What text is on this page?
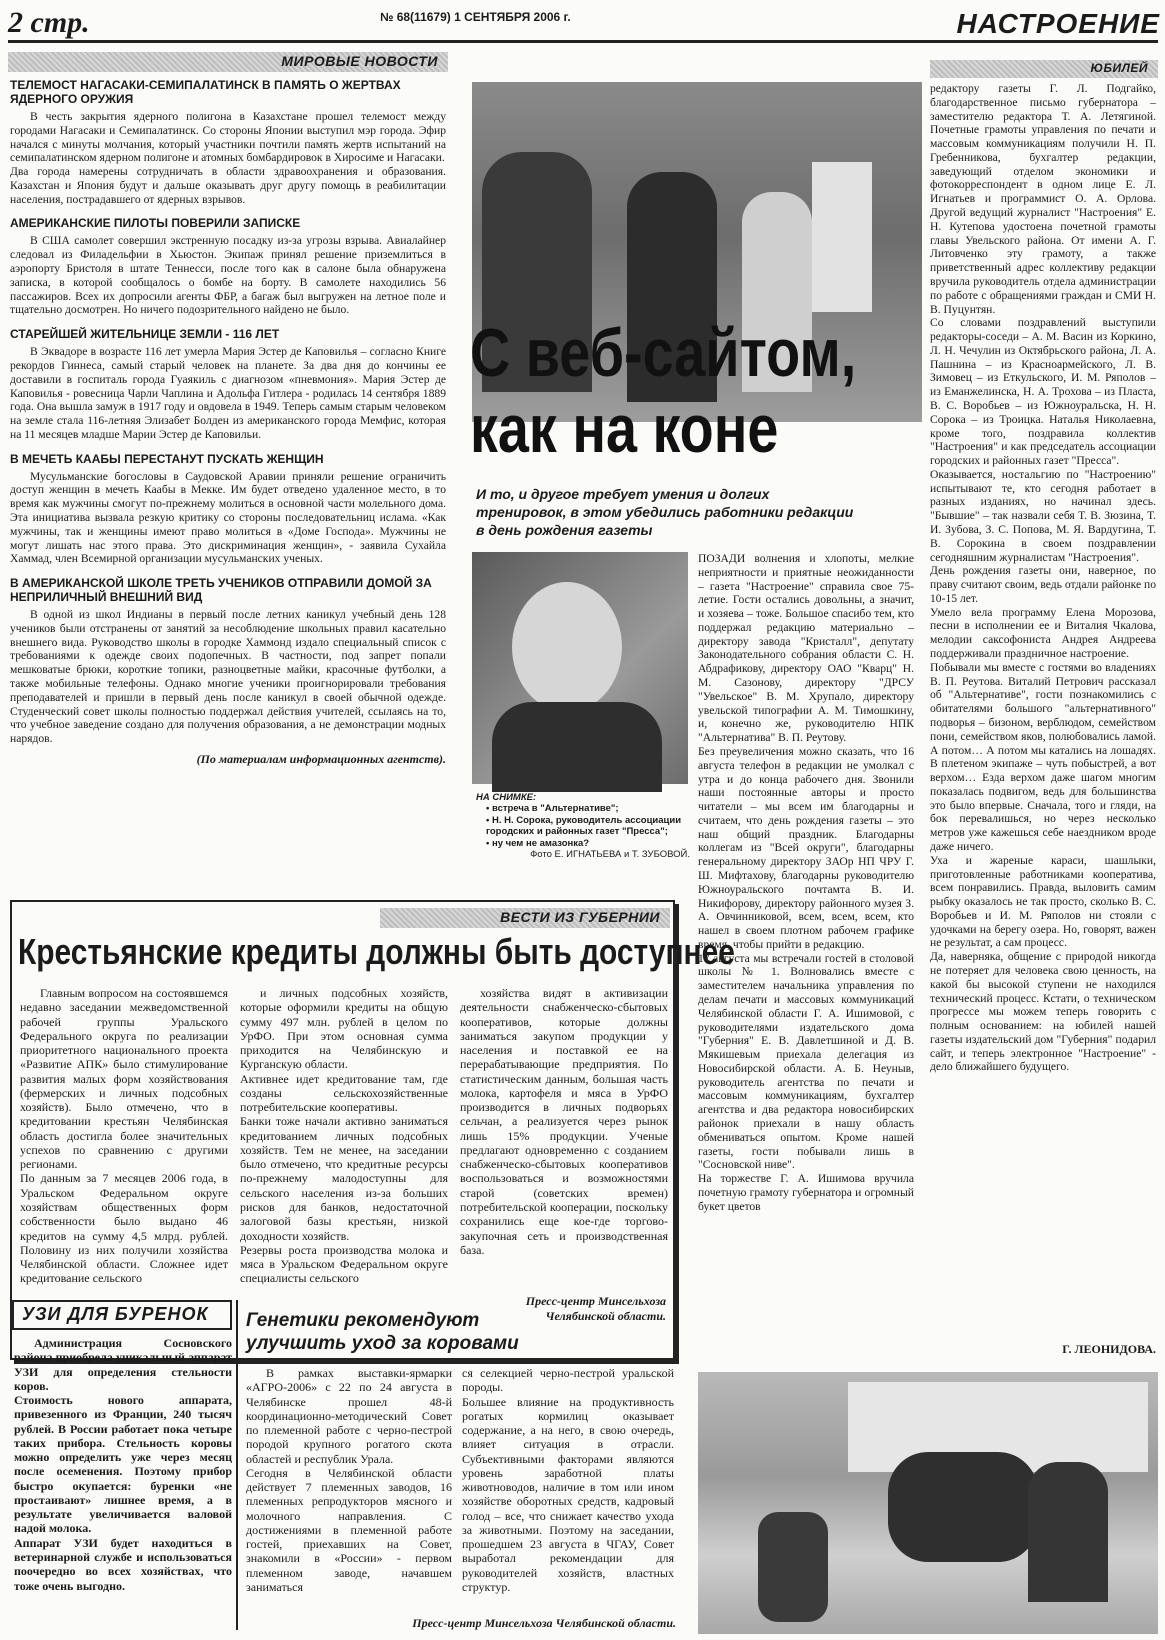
2 стр.	№ 68(11679) 1 СЕНТЯБРЯ 2006 г.	НАСТРОЕНИЕ
МИРОВЫЕ НОВОСТИ
ТЕЛЕМОСТ НАГАСАКИ-СЕМИПАЛАТИНСК В ПАМЯТЬ О ЖЕРТВАХ ЯДЕРНОГО ОРУЖИЯ

В честь закрытия ядерного полигона в Казахстане прошел телемост между городами Нагасаки и Семипалатинск. Со стороны Японии выступил мэр города. Эфир начался с минуты молчания, который участники почтили память жертв испытаний на семипалатинском ядерном полигоне и атомных бомбардировок в Хиросиме и Нагасаки.
Два города намерены сотрудничать в области здравоохранения и образования. Казахстан и Япония будут и дальше оказывать друг другу помощь в реабилитации населения, пострадавшего от ядерных взрывов.

АМЕРИКАНСКИЕ ПИЛОТЫ ПОВЕРИЛИ ЗАПИСКЕ

В США самолет совершил экстренную посадку из-за угрозы взрыва. Авиалайнер следовал из Филадельфии в Хьюстон. Экипаж принял решение приземлиться в аэропорту Бристоля в штате Теннесси, после того как в салоне была обнаружена записка, в которой сообщалось о бомбе на борту. В самолете находились 56 пассажиров. Всех их допросили агенты ФБР, а багаж был выгружен на летное поле и тщательно досмотрен. Но ничего подозрительного найдено не было.

СТАРЕЙШЕЙ ЖИТЕЛЬНИЦЕ ЗЕМЛИ - 116 ЛЕТ

В Эквадоре в возрасте 116 лет умерла Мария Эстер де Каповилья – согласно Книге рекордов Гиннеса, самый старый человек на планете. За два дня до кончины ее доставили в госпиталь города Гуаякиль с диагнозом «пневмония». Мария Эстер де Каповилья - ровесница Чарли Чаплина и Адольфа Гитлера - родилась 14 сентября 1889 года. Она вышла замуж в 1917 году и овдовела в 1949. Теперь самым старым человеком на земле стала 116-летняя Элизабет Болден из американского города Мемфис, которая на 11 месяцев младше Марии Эстер де Каповильи.

В МЕЧЕТЬ КААБЫ ПЕРЕСТАНУТ ПУСКАТЬ ЖЕНЩИН

Мусульманские богословы в Саудовской Аравии приняли решение ограничить доступ женщин в мечеть Каабы в Мекке. Им будет отведено удаленное место, в то время как мужчины смогут по-прежнему молиться в основной части молельного дома. Эта инициатива вызвала резкую критику со стороны последовательниц ислама. «Как мужчины, так и женщины имеют право молиться в «Доме Господа». Мужчины не могут лишать нас этого права. Это дискриминация женщин», - заявила Сухайла Хаммад, член Всемирной организации мусульманских ученых.

В АМЕРИКАНСКОЙ ШКОЛЕ ТРЕТЬ УЧЕНИКОВ ОТПРАВИЛИ ДОМОЙ ЗА НЕПРИЛИЧНЫЙ ВНЕШНИЙ ВИД

В одной из школ Индианы в первый после летних каникул учебный день 128 учеников были отстранены от занятий за несоблюдение школьных правил касательно внешнего вида. Руководство школы в городке Хаммонд издало специальный список с требованиями к одежде своих подопечных. В частности, под запрет попали мешковатые брюки, короткие топики, разноцветные майки, красочные футболки, а также мобильные телефоны. Однако многие ученики проигнорировали требования преподавателей и пришли в первый день после каникул в своей обычной одежде. Студенческий совет школы полностью поддержал действия учителей, ссылаясь на то, что учебное заведение создано для получения образования, а не демонстрации модных нарядов.

(По материалам информационных агентств).
ЮБИЛЕЙ
С веб-сайтом,
как на коне
И то, и другое требует умения и долгих тренировок, в этом убедились работники редакции в день рождения газеты
НА СНИМКЕ:
• встреча в "Альтернативе";
• Н. Н. Сорока, руководитель ассоциации городских и районных газет "Пресса";
• ну чем не амазонка?
Фото Е. ИГНАТЬЕВА и Т. ЗУБОВОЙ.

ПОЗАДИ волнения и хлопоты, мелкие неприятности и приятные неожиданности – газета "Настроение" справила свое 75-летие. Гости остались довольны, а значит, и хозяева – тоже. Большое спасибо тем, кто поддержал редакцию материально – директору завода "Кристалл", депутату Законодательного собрания области С. Н. Абдрафикову, директору ОАО "Кварц" Н. М. Сазонову, директору "ДРСУ "Увельское" В. М. Хрупало, директору увельской типографии А. М. Тимошкину, и, конечно же, руководителю НПК "Альтернатива" В. П. Реутову.
Без преувеличения можно сказать, что 16 августа телефон в редакции не умолкал с утра и до конца рабочего дня. Звонили наши постоянные авторы и просто читатели – мы всем им благодарны и считаем, что день рождения газеты – это наш общий праздник. Благодарны коллегам из "Всей округи", благодарны генеральному директору ЗАОр НП ЧРУ Г. Ш. Мифтахову, благодарны руководителю Южноуральского почтамта В. И. Никифорову, директору районного музея З. А. Овчинниковой, всем, всем, всем, кто нашел в своем плотном рабочем графике время, чтобы прийти в редакцию.
17 августа мы встречали гостей в столовой школы № 1. Волновались вместе с заместителем начальника управления по делам печати и массовых коммуникаций Челябинской области Г. А. Ишимовой, с руководителями издательского дома "Губерния" Е. В. Давлетшиной и Д. В. Мякишевым приехала делегация из Новосибирской области. А. Б. Неуныв, руководитель агентства по печати и массовым коммуникациям, бухгалтер агентства и два редактора новосибирских районок приехали в нашу область обмениваться опытом. Кроме нашей газеты, гости побывали лишь в "Сосновской ниве".
На торжестве Г. А. Ишимова вручила почетную грамоту губернатора и огромный букет цветов

редактору газеты Г. Л. Подгайко, благодарственное письмо губернатора – заместителю редактора Т. А. Летягиной. Почетные грамоты управления по печати и массовым коммуникациям получили Н. П. Гребенникова, бухгалтер редакции, заведующий отделом экономики и фотокорреспондент в одном лице Е. Л. Игнатьев и программист О. А. Орлова. Другой ведущий журналист "Настроения" Е. Н. Кутепова удостоена почетной грамоты главы Увельского района. От имени А. Г. Литовченко эту грамоту, а также приветственный адрес коллективу редакции вручила руководитель отдела администрации по работе с обращениями граждан и СМИ Н. В. Пуцунтян.
Со словами поздравлений выступили редакторы-соседи – А. М. Васин из Коркино, Л. Н. Чечулин из Октябрьского района, Л. А. Пашнина – из Красноармейского, Л. В. Зимовец – из Еткульского, И. М. Ряполов – из Еманжелинска, Н. А. Трохова – из Пласта, В. С. Воробьев – из Южноуральска, Н. Н. Сорока – из Троицка. Наталья Николаевна, кроме того, поздравила коллектив "Настроения" и как председатель ассоциации городских и районных газет "Пресса".
Оказывается, ностальгию по "Настроению" испытывают те, кто сегодня работает в разных изданиях, но начинал здесь. "Бывшие" – так назвали себя Т. В. Зюзина, Т. И. Зубова, З. С. Попова, М. Я. Вардугина, Т. В. Сорокина в своем поздравлении сегодняшним журналистам "Настроения".
День рождения газеты они, наверное, по праву считают своим, ведь отдали районке по 10-15 лет.
Умело вела программу Елена Морозова, песни в исполнении ее и Виталия Чкалова, мелодии саксофониста Андрея Андреева поддерживали праздничное настроение.
Побывали мы вместе с гостями во владениях В. П. Реутова. Виталий Петрович рассказал об "Альтернативе", гости познакомились с обитателями большого "альтернативного" подворья – бизоном, верблюдом, семейством пони, семейством яков, полюбовались ламой. А потом… А потом мы катались на лошадях. В плетеном экипаже – чуть побыстрей, а вот верхом… Езда верхом даже шагом многим показалась подвигом, ведь для большинства это было впервые. Сначала, того и гляди, на бок перевалишься, но через несколько метров уже кажешься себе наездником вроде даже ничего.
Уха и жареные караси, шашлыки, приготовленные работниками кооператива, всем понравились. Правда, выловить самим рыбку оказалось не так просто, сколько В. С. Воробьев и И. М. Ряполов ни стояли с удочками на берегу озера. Но, говорят, важен не результат, а сам процесс.
Да, наверняка, общение с природой никогда не потеряет для человека свою ценность, на какой бы высокой ступени не находился технический процесс. Кстати, о техническом прогрессе мы можем теперь говорить с полным основанием: на юбилей нашей газеты издательский дом "Губерния" подарил сайт, и теперь электронное "Настроение" - дело ближайшего будущего.

Г. ЛЕОНИДОВА.
ВЕСТИ ИЗ ГУБЕРНИИ
Крестьянские кредиты должны быть доступнее

Главным вопросом на состоявшемся недавно заседании межведомственной рабочей группы Уральского Федерального округа по реализации приоритетного национального проекта «Развитие АПК» было стимулирование развития малых форм хозяйствования (фермерских и личных подсобных хозяйств). Было отмечено, что в кредитовании крестьян Челябинская область достигла более значительных успехов по сравнению с другими регионами.
По данным за 7 месяцев 2006 года, в Уральском Федеральном округе хозяйствам общественных форм собственности было выдано 46 кредитов на сумму 4,5 млрд. рублей. Половину из них получили хозяйства Челябинской области. Сложнее идет кредитование сельского

и личных подсобных хозяйств, которые оформили кредиты на общую сумму 497 млн. рублей в целом по УрФО. При этом основная сумма приходится на Челябинскую и Курганскую области.
Активнее идет кредитование там, где созданы сельскохозяйственные потребительские кооперативы.
Банки тоже начали активно заниматься кредитованием личных подсобных хозяйств. Тем не менее, на заседании было отмечено, что кредитные ресурсы по-прежнему малодоступны для сельского населения из-за больших рисков для банков, недостаточной залоговой базы крестьян, низкой доходности хозяйств.
Резервы роста производства молока и мяса в Уральском Федеральном округе специалисты сельского

хозяйства видят в активизации деятельности снабженческо-сбытовых кооперативов, которые должны заниматься закупом продукции у населения и поставкой ее на перерабатывающие предприятия. По статистическим данным, большая часть молока, картофеля и мяса в УрФО производится в личных подворьях сельчан, а реализуется через рынок лишь 15% продукции. Ученые предлагают одновременно с созданием снабженческо-сбытовых кооперативов воспользоваться и возможностями старой (советских времен) потребительской кооперации, поскольку сохранились еще кое-где торгово-закупочная сеть и производственная база.

Пресс-центр Минсельхоза Челябинской области.
УЗИ ДЛЯ БУРЕНОК

Администрация Сосновского района приобрела уникальный аппарат УЗИ для определения стельности коров.
Стоимость нового аппарата, привезенного из Франции, 240 тысяч рублей. В России работает пока четыре таких прибора. Стельность коровы можно определить уже через месяц после осеменения. Поэтому прибор быстро окупается: буренки «не простаивают» лишнее время, а в результате увеличивается валовой надой молока.
Аппарат УЗИ будет находиться в ветеринарной службе и использоваться поочередно во всех хозяйствах, что тоже очень выгодно.

Генетики рекомендуют улучшить уход за коровами

В рамках выставки-ярмарки «АГРО-2006» с 22 по 24 августа в Челябинске прошел 48-й координационно-методический Совет по племенной работе с черно-пестрой породой крупного рогатого скота областей и республик Урала.
Сегодня в Челябинской области действует 7 племенных заводов, 16 племенных репродукторов мясного и молочного направления. С достижениями в племенной работе гостей, приехавших на Совет, знакомили в «России» - первом племенном заводе, начавшем заниматься

ся селекцией черно-пестрой уральской породы.
Большее влияние на продуктивность рогатых кормилиц оказывает содержание, а на него, в свою очередь, влияет ситуация в отрасли. Субъективными факторами являются уровень заработной платы животноводов, наличие в том или ином хозяйстве оборотных средств, кадровый голод – все, что снижает качество ухода за животными. Поэтому на заседании, прошедшем 23 августа в ЧГАУ, Совет выработал рекомендации для руководителей хозяйств, властных структур.

Пресс-центр Минсельхоза Челябинской области.
